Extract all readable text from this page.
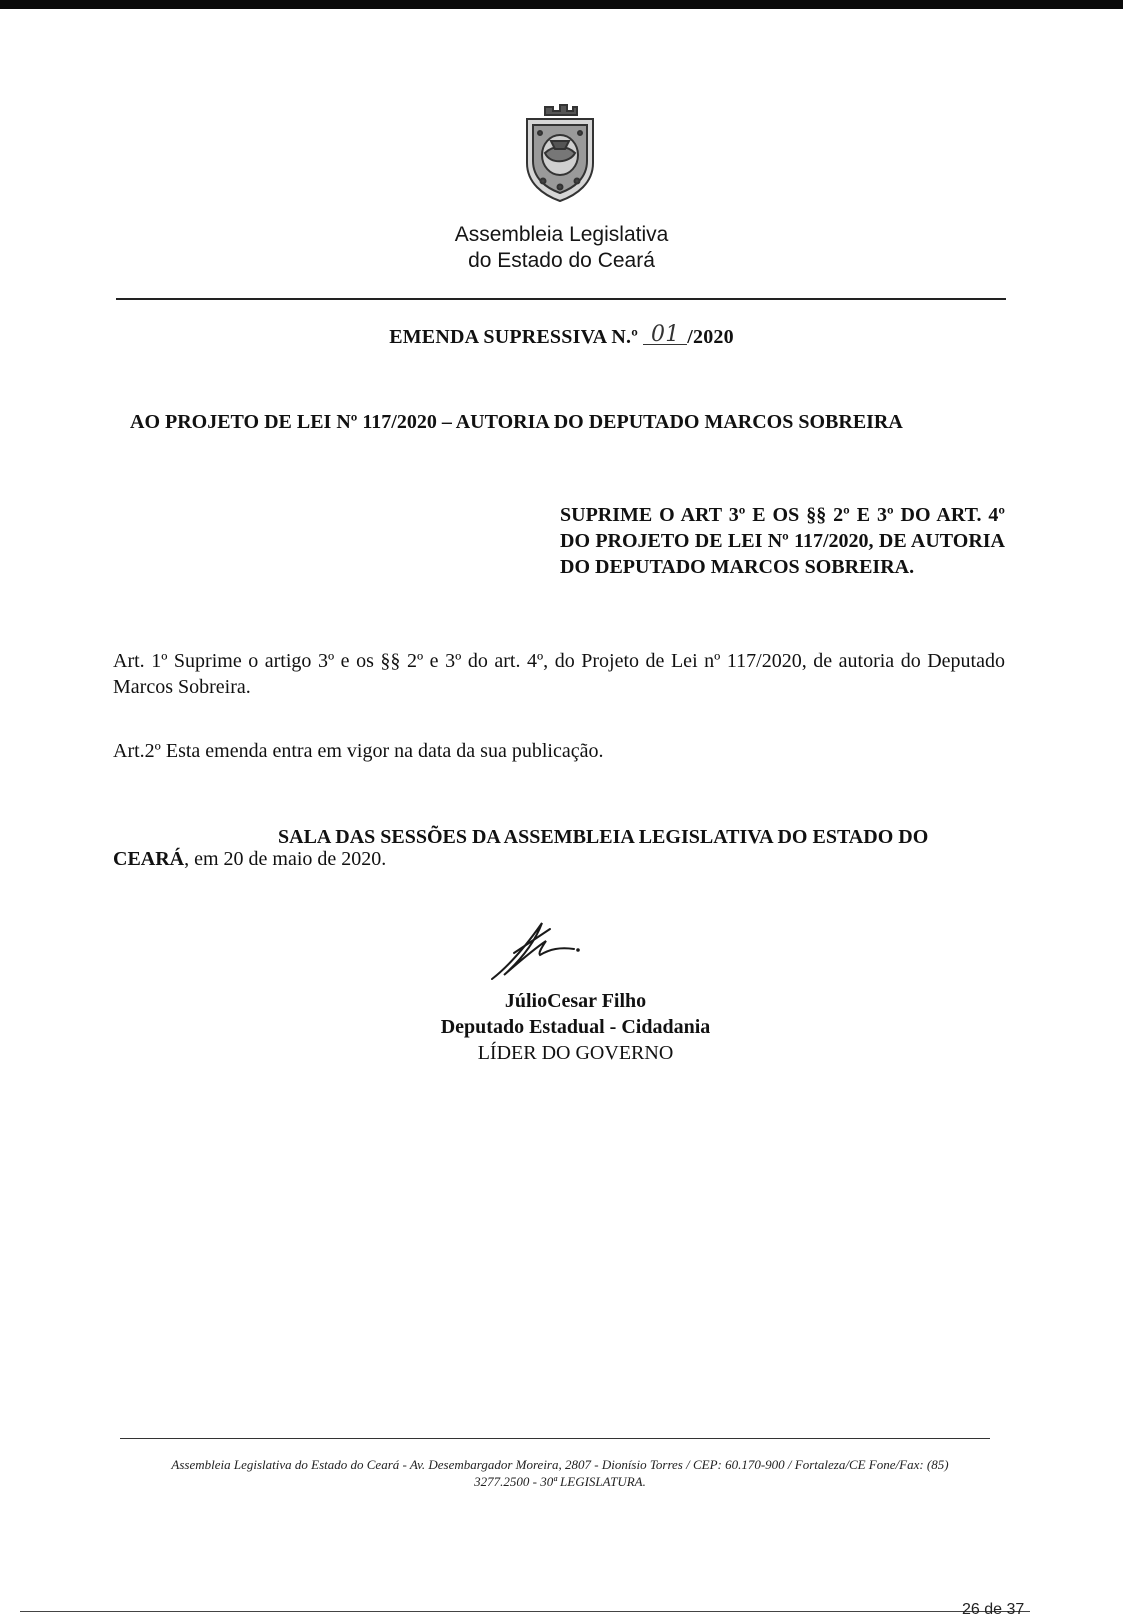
Assembleia Legislativa
do Estado do Ceará
EMENDA SUPRESSIVA N.º 01 /2020
AO PROJETO DE LEI Nº 117/2020 – AUTORIA DO DEPUTADO MARCOS SOBREIRA
SUPRIME O ART 3º E OS §§ 2º E 3º DO ART. 4º DO PROJETO DE LEI Nº 117/2020, DE AUTORIA DO DEPUTADO MARCOS SOBREIRA.
Art. 1º Suprime o artigo 3º e os §§ 2º e 3º do art. 4º, do Projeto de Lei nº 117/2020, de autoria do Deputado Marcos Sobreira.
Art.2º Esta emenda entra em vigor na data da sua publicação.
SALA DAS SESSÕES DA ASSEMBLEIA LEGISLATIVA DO ESTADO DO
CEARÁ, em 20 de maio de 2020.
JúlioCesar Filho
Deputado Estadual - Cidadania
LÍDER DO GOVERNO
Assembleia Legislativa do Estado do Ceará - Av. Desembargador Moreira, 2807 - Dionísio Torres / CEP: 60.170-900 / Fortaleza/CE Fone/Fax: (85)
3277.2500 - 30ª LEGISLATURA.
26 de 37
